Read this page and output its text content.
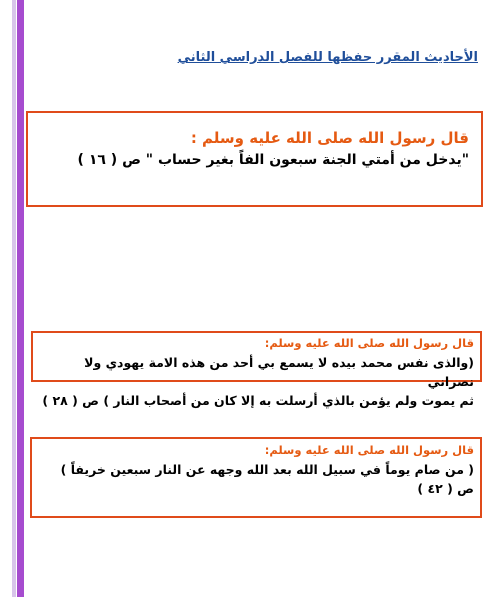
الأحاديث المقرر حفظها للفصل الدراسي الثاني
قال رسول الله صلى الله عليه وسلم :
"يدخل من أمتي الجنة سبعون الفاً بغير حساب " ص ( ١٦ )
قال رسول الله صلى الله عليه وسلم:
(والذى نفس محمد بيده لا يسمع بي أحد من هذه الامة يهودي ولا نصراني
ثم يموت ولم يؤمن بالذي أرسلت به إلا كان من أصحاب النار ) ص ( ٢٨ )
قال رسول الله صلى الله عليه وسلم:
( من صام يوماً في سبيل الله بعد الله وجهه عن النار سبعين خريفاً )
ص ( ٤٢ )
